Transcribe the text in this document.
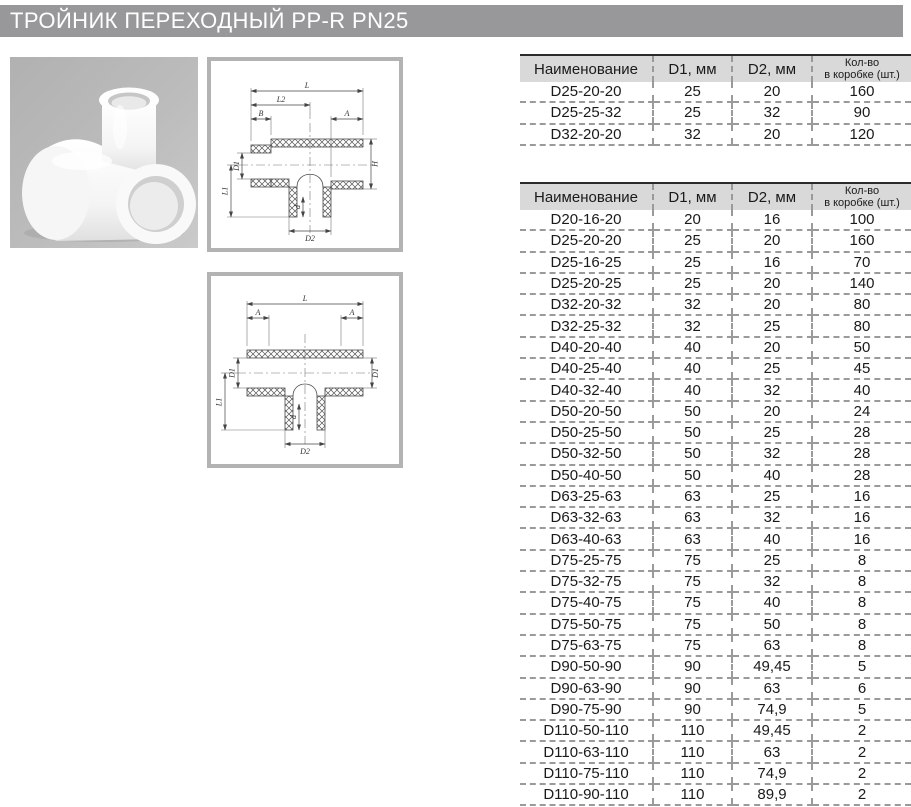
ТРОЙНИК ПЕРЕХОДНЫЙ PP-R PN25
L
L2
B	A
D1	H
L1
d
D2
L
A	A
D1	D1
L1
d
D2
Наименование	D1, мм	D2, мм	Кол-во
в коробке (шт.)

D25-20-20	25	20	160
D25-25-32	25	32	90
D32-20-20	32	20	120
Наименование	D1, мм	D2, мм	Кол-во
в коробке (шт.)

D20-16-20	20	16	100
D25-20-20	25	20	160
D25-16-25	25	16	70
D25-20-25	25	20	140
D32-20-32	32	20	80
D32-25-32	32	25	80
D40-20-40	40	20	50
D40-25-40	40	25	45
D40-32-40	40	32	40
D50-20-50	50	20	24
D50-25-50	50	25	28
D50-32-50	50	32	28
D50-40-50	50	40	28
D63-25-63	63	25	16
D63-32-63	63	32	16
D63-40-63	63	40	16
D75-25-75	75	25	8
D75-32-75	75	32	8
D75-40-75	75	40	8
D75-50-75	75	50	8
D75-63-75	75	63	8
D90-50-90	90	49,45	5
D90-63-90	90	63	6
D90-75-90	90	74,9	5
D110-50-110	110	49,45	2
D110-63-110	110	63	2
D110-75-110	110	74,9	2
D110-90-110	110	89,9	2
